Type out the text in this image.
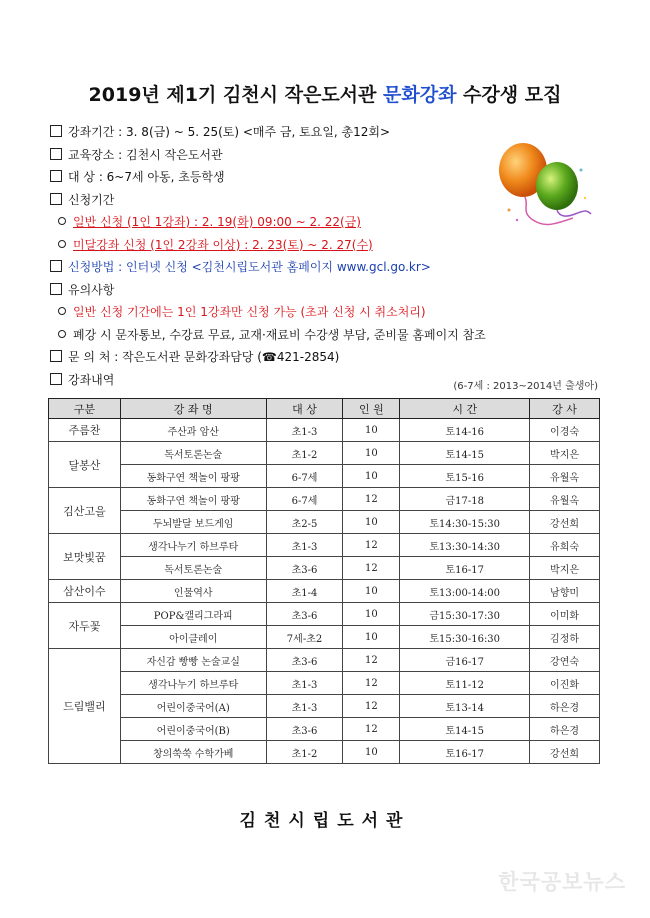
2019년 제1기 김천시 작은도서관 문화강좌 수강생 모집
강좌기간 : 3. 8(금) ~ 5. 25(토) <매주 금, 토요일, 총12회>
교육장소 : 김천시 작은도서관
대 상 : 6~7세 아동, 초등학생
신청기간
일반 신청 (1인 1강좌) : 2. 19(화) 09:00 ~ 2. 22(금)
미달강좌 신청 (1인 2강좌 이상) : 2. 23(토) ~ 2. 27(수)
신청방법 : 인터넷 신청 <김천시립도서관 홈페이지 www.gcl.go.kr>
유의사항
일반 신청 기간에는 1인 1강좌만 신청 가능 (초과 신청 시 취소처리)
폐강 시 문자통보, 수강료 무료, 교재·재료비 수강생 부담, 준비물 홈페이지 참조
문 의 처 : 작은도서관 문화강좌담당 (☎421-2854)
강좌내역	(6-7세 : 2013~2014년 출생아)
구분	강 좌 명	대 상	인 원	시 간	강 사
주름찬	주산과 암산	초1-3	10	토14-16	이경숙
달봉산	독서토론논술	초1-2	10	토14-15	박지은
	동화구연 책놀이 팡팡	6-7세	10	토15-16	유월옥
김산고을	동화구연 책놀이 팡팡	6-7세	12	금17-18	유월옥
	두뇌발달 보드게임	초2-5	10	토14:30-15:30	강선희
보맛빛꿈	생각나누기 하브루타	초1-3	12	토13:30-14:30	유희숙
	독서토론논술	초3-6	12	토16-17	박지은
삼산이수	인물역사	초1-4	10	토13:00-14:00	남향미
자두꽃	POP&캘리그라피	초3-6	10	금15:30-17:30	이미화
	아이클레이	7세-초2	10	토15:30-16:30	김정하
드림밸리	자신감 빵빵 논술교실	초3-6	12	금16-17	강연숙
	생각나누기 하브루타	초1-3	12	토11-12	이진화
	어린이중국어(A)	초1-3	12	토13-14	하은경
	어린이중국어(B)	초3-6	12	토14-15	하은경
	창의쑥쑥 수학가베	초1-2	10	토16-17	강선희
김천시립도서관
한국공보뉴스
